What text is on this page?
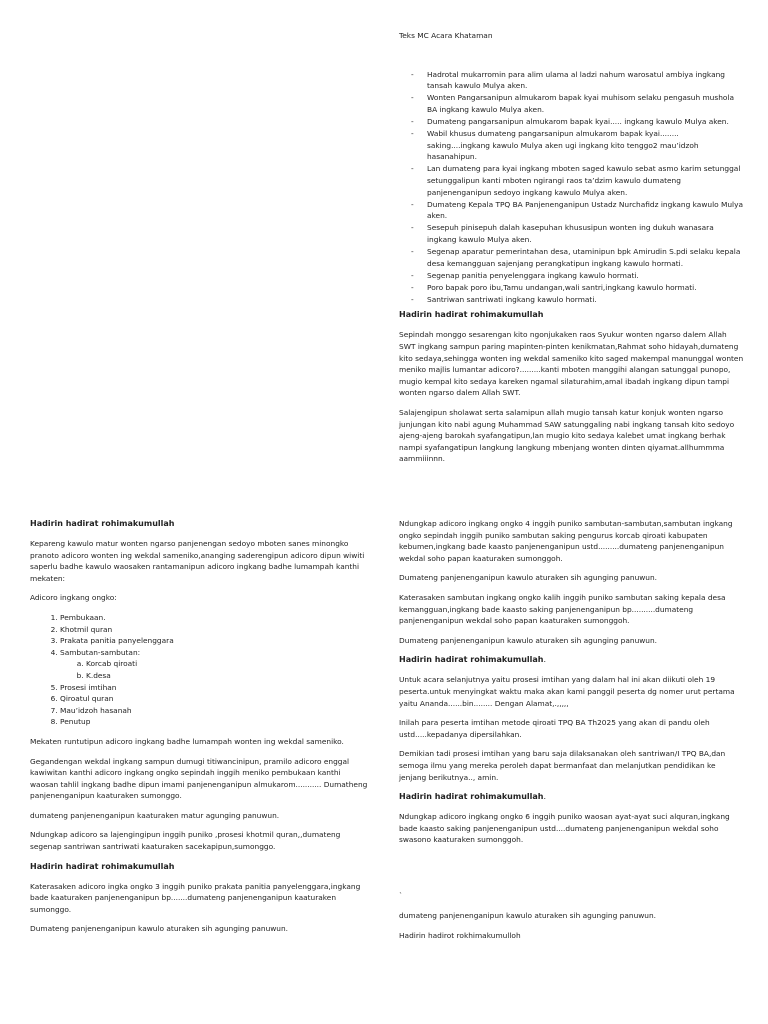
Teks MC Acara Khataman
- Hadrotal mukarromin para alim ulama al ladzi nahum warosatul ambiya ingkang tansah kawulo Mulya aken.
- Wonten Pangarsanipun almukarom bapak kyai muhisom selaku pengasuh mushola BA ingkang kawulo Mulya aken.
- Dumateng pangarsanipun almukarom bapak kyai..... ingkang kawulo Mulya aken.
- Wabil khusus dumateng pangarsanipun almukarom bapak kyai........ saking....ingkang kawulo Mulya aken ugi ingkang kito tenggo2 mau’idzoh hasanahipun.
- Lan dumateng para kyai ingkang mboten saged kawulo sebat asmo karim setunggal setunggalipun kanti mboten ngirangi raos ta’dzim kawulo dumateng panjenenganipun sedoyo ingkang kawulo Mulya aken.
- Dumateng Kepala TPQ BA Panjenenganipun Ustadz Nurchafidz ingkang kawulo Mulya aken.
- Sesepuh pinisepuh dalah kasepuhan khususipun wonten ing dukuh wanasara ingkang kawulo Mulya aken.
- Segenap aparatur pemerintahan desa, utaminipun bpk Amirudin S.pdi selaku kepala desa kemangguan sajenjang perangkatipun ingkang kawulo hormati.
- Segenap panitia penyelenggara ingkang kawulo hormati.
- Poro bapak poro ibu,Tamu undangan,wali santri,ingkang kawulo hormati.
- Santriwan santriwati ingkang kawulo hormati.
Hadirin hadirat rohimakumullah

Sepindah monggo sesarengan kito ngonjukaken raos Syukur wonten ngarso dalem Allah SWT ingkang sampun paring mapinten-pinten kenikmatan,Rahmat soho hidayah,dumateng kito sedaya,sehingga wonten ing wekdal sameniko kito saged makempal manunggal wonten meniko majlis lumantar adicoro?.........kanti mboten manggihi alangan satunggal punopo, mugio kempal kito sedaya kareken ngamal silaturahim,amal ibadah ingkang dipun tampi wonten ngarso dalem Allah SWT.

Salajengipun sholawat serta salamipun allah mugio tansah katur konjuk wonten ngarso junjungan kito nabi agung Muhammad SAW satunggaling nabi ingkang tansah kito sedoyo ajeng-ajeng barokah syafangatipun,lan mugio kito sedaya kalebet umat ingkang berhak nampi syafangatipun langkung langkung mbenjang wonten dinten qiyamat.allhummma aammiiinnn.

Hadirin hadirat rohimakumullah

Kepareng kawulo matur wonten ngarso panjenengan sedoyo mboten sanes minongko pranoto adicoro wonten ing wekdal sameniko,ananging saderengipun adicoro dipun wiwiti saperlu badhe kawulo waosaken rantamanipun adicoro ingkang badhe lumampah kanthi mekaten:

Adicoro ingkang ongko:

1. Pembukaan.
2. Khotmil quran
3. Prakata panitia panyelenggara
4. Sambutan-sambutan:
a. Korcab qiroati
b. K.desa
5. Prosesi imtihan
6. Qiroatul quran
7. Mau’idzoh hasanah
8. Penutup

Mekaten runtutipun adicoro ingkang badhe lumampah wonten ing wekdal sameniko.

Gegandengan wekdal ingkang sampun dumugi titiwancinipun, pramilo adicoro enggal kawiwitan kanthi adicoro ingkang ongko sepindah inggih meniko pembukaan kanthi waosan tahlil ingkang badhe dipun imami panjenenganipun almukarom........... Dumatheng panjenenganipun kaaturaken sumonggo.

dumateng panjenenganipun kaaturaken matur agunging panuwun.

Ndungkap adicoro sa lajengingipun inggih puniko ,prosesi khotmil quran,,dumateng segenap santriwan santriwati kaaturaken sacekapipun,sumonggo.

Hadirin hadirat rohimakumullah

Katerasaken adicoro ingka ongko 3 inggih puniko prakata panitia panyelenggara,ingkang bade kaaturaken panjenenganipun bp.......dumateng panjenenganipun kaaturaken sumonggo.

Dumateng panjenenganipun kawulo aturaken sih agunging panuwun.

Ndungkap adicoro ingkang ongko 4 inggih puniko sambutan-sambutan,sambutan ingkang ongko sepindah inggih puniko sambutan saking pengurus korcab qiroati kabupaten kebumen,ingkang bade kaasto panjenenganipun ustd.........dumateng panjenenganipun wekdal soho papan kaaturaken sumonggoh.

Dumateng panjenenganipun kawulo aturaken sih agunging panuwun.

Katerasaken sambutan ingkang ongko kalih inggih puniko sambutan saking kepala desa kemangguan,ingkang bade kaasto saking panjenenganipun bp..........dumateng panjenenganipun wekdal soho papan kaaturaken sumonggoh.

Dumateng panjenenganipun kawulo aturaken sih agunging panuwun.

Hadirin hadirat rohimakumullah.

Untuk acara selanjutnya yaitu prosesi imtihan yang dalam hal ini akan diikuti oleh 19 peserta.untuk menyingkat waktu maka akan kami panggil peserta dg nomer urut pertama yaitu Ananda......bin........ Dengan Alamat,.,,,,,

Inilah para peserta imtihan metode qiroati TPQ BA Th2025 yang akan di pandu oleh ustd.....kepadanya dipersilahkan.

Demikian tadi prosesi imtihan yang baru saja dilaksanakan oleh santriwan/I TPQ BA,dan semoga ilmu yang mereka peroleh dapat bermanfaat dan melanjutkan pendidikan ke jenjang berikutnya.., amin.

Hadirin hadirat rohimakumullah.

Ndungkap adicoro ingkang ongko 6 inggih puniko waosan ayat-ayat suci alquran,ingkang bade kaasto saking panjenenganipun ustd....dumateng panjenenganipun wekdal soho swasono kaaturaken sumonggoh.

`

dumateng panjenenganipun kawulo aturaken sih agunging panuwun.

Hadirin hadirot rokhimakumulloh
